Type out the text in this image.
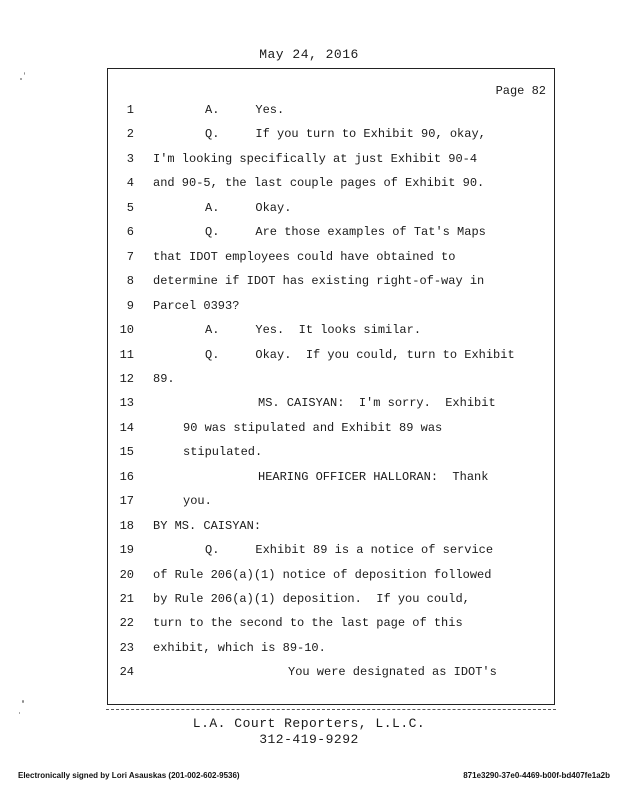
May 24, 2016
Page 82
1	A.     Yes.
2	Q.     If you turn to Exhibit 90, okay,
3 I'm looking specifically at just Exhibit 90-4
4 and 90-5, the last couple pages of Exhibit 90.
5	A.     Okay.
6	Q.     Are those examples of Tat's Maps
7 that IDOT employees could have obtained to
8 determine if IDOT has existing right-of-way in
9 Parcel 0393?
10	A.     Yes.  It looks similar.
11	Q.     Okay.  If you could, turn to Exhibit
12 89.
13	MS. CAISYAN:  I'm sorry.  Exhibit
14	90 was stipulated and Exhibit 89 was
15	stipulated.
16	HEARING OFFICER HALLORAN:  Thank
17	you.
18 BY MS. CAISYAN:
19	Q.     Exhibit 89 is a notice of service
20 of Rule 206(a)(1) notice of deposition followed
21 by Rule 206(a)(1) deposition.  If you could,
22 turn to the second to the last page of this
23 exhibit, which is 89-10.
24	You were designated as IDOT's
L.A. Court Reporters, L.L.C.
312-419-9292
Electronically signed by Lori Asauskas (201-002-602-9536)	871e3290-37e0-4469-b00f-bd407fe1a2b
